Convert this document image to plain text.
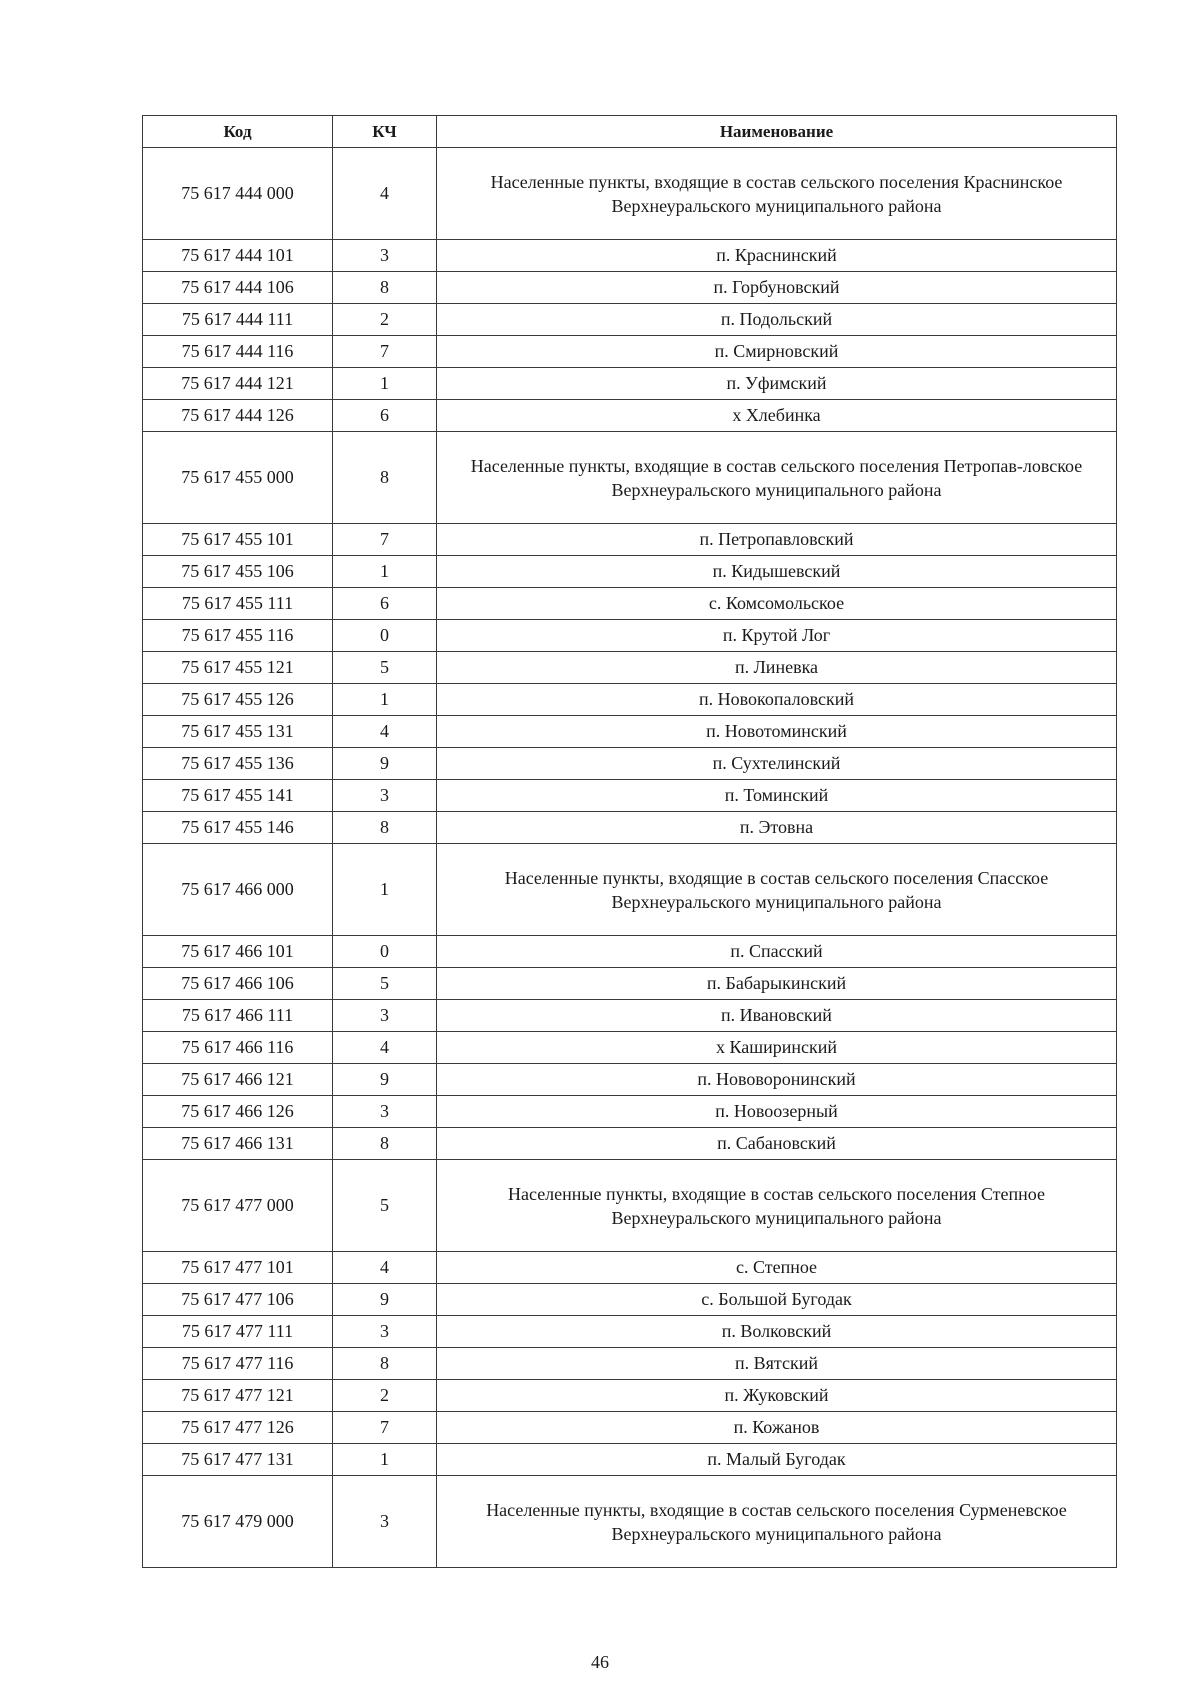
Код	КЧ	Наименование
75 617 444 000	4	Населенные пункты, входящие в состав сельского поселения Краснинское Верхнеуральского муниципального района
75 617 444 101	3	п. Краснинский
75 617 444 106	8	п. Горбуновский
75 617 444 111	2	п. Подольский
75 617 444 116	7	п. Смирновский
75 617 444 121	1	п. Уфимский
75 617 444 126	6	х Хлебинка
75 617 455 000	8	Населенные пункты, входящие в состав сельского поселения Петропав-ловское Верхнеуральского муниципального района
75 617 455 101	7	п. Петропавловский
75 617 455 106	1	п. Кидышевский
75 617 455 111	6	с. Комсомольское
75 617 455 116	0	п. Крутой Лог
75 617 455 121	5	п. Линевка
75 617 455 126	1	п. Новокопаловский
75 617 455 131	4	п. Новотоминский
75 617 455 136	9	п. Сухтелинский
75 617 455 141	3	п. Томинский
75 617 455 146	8	п. Этовна
75 617 466 000	1	Населенные пункты, входящие в состав сельского поселения Спасское Верхнеуральского муниципального района
75 617 466 101	0	п. Спасский
75 617 466 106	5	п. Бабарыкинский
75 617 466 111	3	п. Ивановский
75 617 466 116	4	х Каширинский
75 617 466 121	9	п. Нововоронинский
75 617 466 126	3	п. Новоозерный
75 617 466 131	8	п. Сабановский
75 617 477 000	5	Населенные пункты, входящие в состав сельского поселения Степное Верхнеуральского муниципального района
75 617 477 101	4	с. Степное
75 617 477 106	9	с. Большой Бугодак
75 617 477 111	3	п. Волковский
75 617 477 116	8	п. Вятский
75 617 477 121	2	п. Жуковский
75 617 477 126	7	п. Кожанов
75 617 477 131	1	п. Малый Бугодак
75 617 479 000	3	Населенные пункты, входящие в состав сельского поселения Сурменевское Верхнеуральского муниципального района
46
